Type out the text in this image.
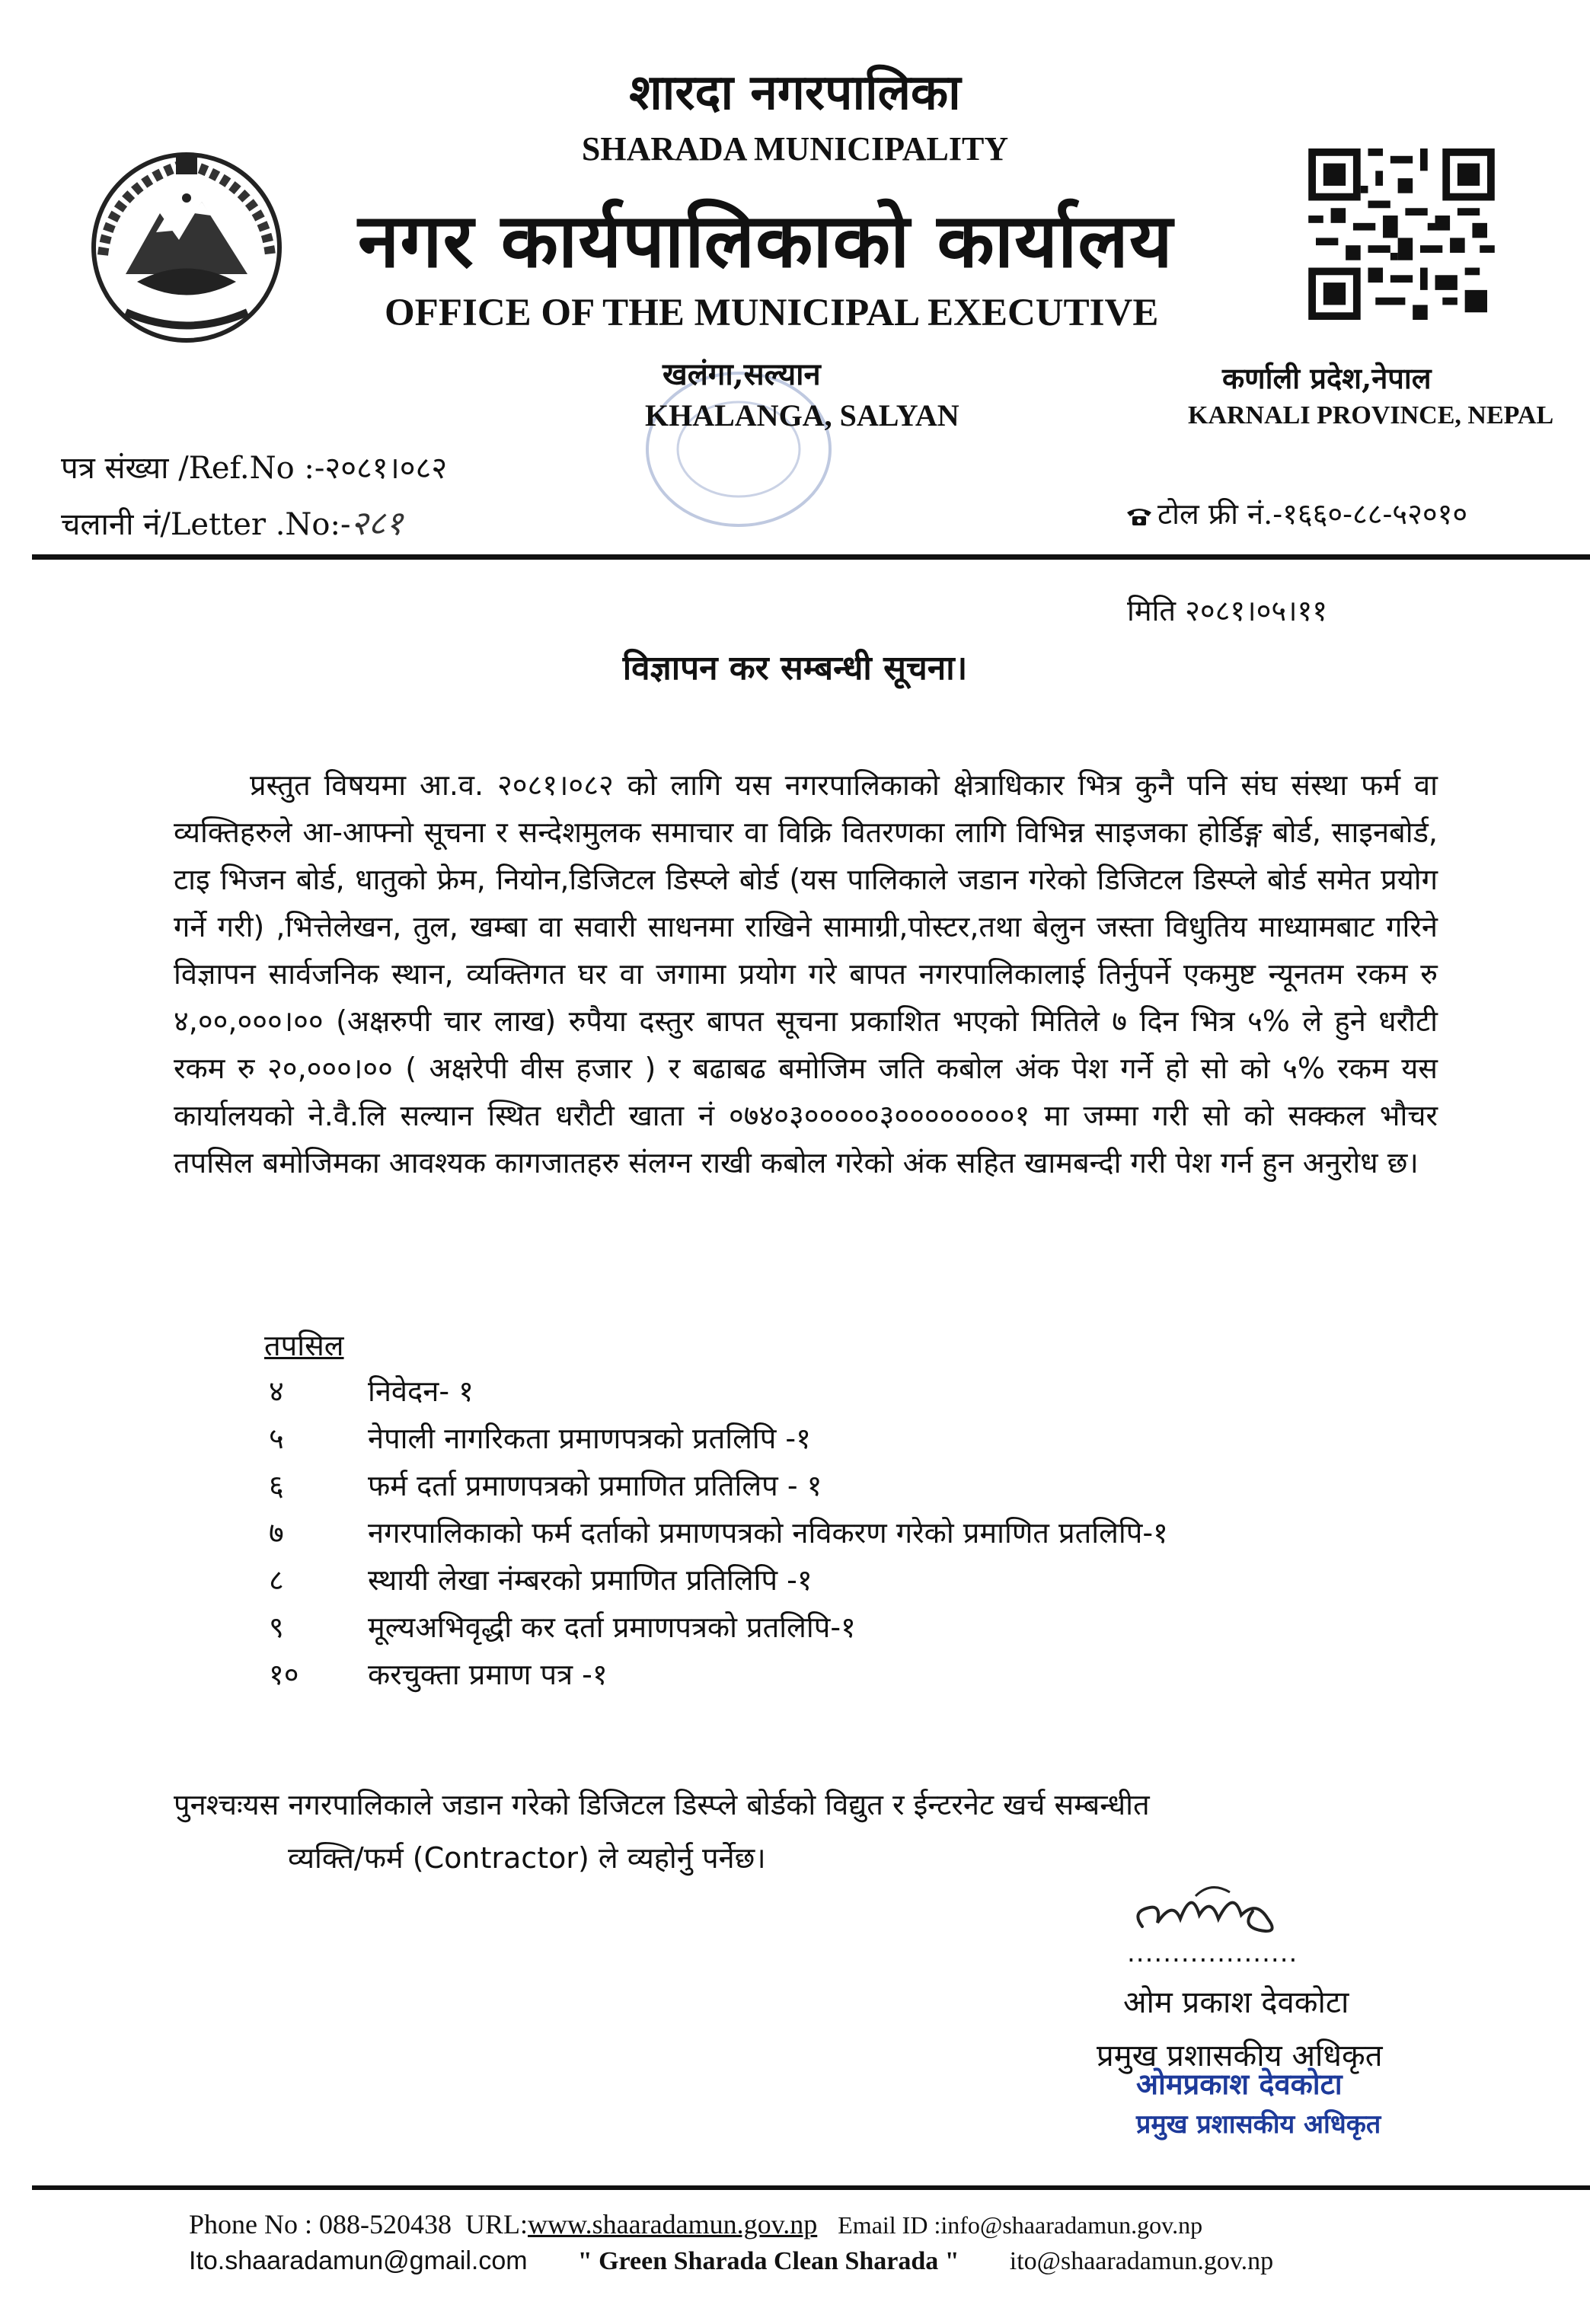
शारदा नगरपालिका
SHARADA MUNICIPALITY
नगर कार्यपालिकाको कार्यालय
OFFICE OF THE MUNICIPAL EXECUTIVE
खलंगा,सल्यान
KHALANGA, SALYAN
कर्णाली प्रदेश,नेपाल
KARNALI PROVINCE, NEPAL
पत्र संख्या /Ref.No :-२०८१।०८२
चलानी नं/Letter .No:-२८१	टोल फ्री नं.-१६६०-८८-५२०१०
मिति २०८१।०५।११
विज्ञापन कर सम्बन्धी सूचना।

प्रस्तुत विषयमा आ.व. २०८१।०८२ को लागि यस नगरपालिकाको क्षेत्राधिकार भित्र कुनै पनि संघ संस्था फर्म वा व्यक्तिहरुले आ-आफ्नो सूचना र सन्देशमुलक समाचार वा विक्रि वितरणका लागि विभिन्न साइजका होर्डिङ्ग बोर्ड, साइनबोर्ड, टाइ भिजन बोर्ड, धातुको फ्रेम, नियोन,डिजिटल डिस्प्ले बोर्ड (यस पालिकाले जडान गरेको डिजिटल डिस्प्ले बोर्ड समेत प्रयोग गर्ने गरी) ,भित्तेलेखन, तुल, खम्बा वा सवारी साधनमा राखिने सामाग्री,पोस्टर,तथा बेलुन जस्ता विधुतिय माध्यामबाट गरिने विज्ञापन सार्वजनिक स्थान, व्यक्तिगत घर वा जगामा प्रयोग गरे बापत नगरपालिकालाई तिर्नुपर्ने एकमुष्ट न्यूनतम रकम रु ४,००,०००।०० (अक्षरुपी चार लाख) रुपैया दस्तुर बापत सूचना प्रकाशित भएको मितिले ७ दिन भित्र ५% ले हुने धरौटी रकम रु २०,०००।०० ( अक्षरेपी वीस हजार ) र बढाबढ बमोजिम जति कबोल अंक पेश गर्ने हो सो को ५% रकम यस कार्यालयको ने.वै.लि सल्यान स्थित धरौटी खाता नं ०७४०३०००००३००००००००१ मा जम्मा गरी सो को सक्कल भौचर तपसिल बमोजिमका आवश्यक कागजातहरु संलग्न राखी कबोल गरेको अंक सहित खामबन्दी गरी पेश गर्न हुन अनुरोध छ।

तपसिल
४	निवेदन- १
५	नेपाली नागरिकता प्रमाणपत्रको प्रतलिपि -१
६	फर्म दर्ता प्रमाणपत्रको प्रमाणित प्रतिलिप - १
७	नगरपालिकाको फर्म दर्ताको प्रमाणपत्रको नविकरण गरेको प्रमाणित प्रतलिपि-१
८	स्थायी लेखा नंम्बरको प्रमाणित प्रतिलिपि -१
९	मूल्यअभिवृद्धी कर दर्ता प्रमाणपत्रको प्रतलिपि-१
१०	करचुक्ता प्रमाण पत्र -१
पुनश्चःयस नगरपालिकाले जडान गरेको डिजिटल डिस्प्ले बोर्डको विद्युत र ईन्टरनेट खर्च सम्बन्धीत
व्यक्ति/फर्म (Contractor) ले व्यहोर्नु पर्नेछ।
...................
ओम प्रकाश देवकोटा
प्रमुख प्रशासकीय अधिकृत
ओमप्रकाश देवकोटा
प्रमुख प्रशासकीय अधिकृत
Phone No : 088-520438 URL:www.shaaradamun.gov.np Email ID :info@shaaradamun.gov.np
Ito.shaaradamun@gmail.com " Green Sharada Clean Sharada " ito@shaaradamun.gov.np
